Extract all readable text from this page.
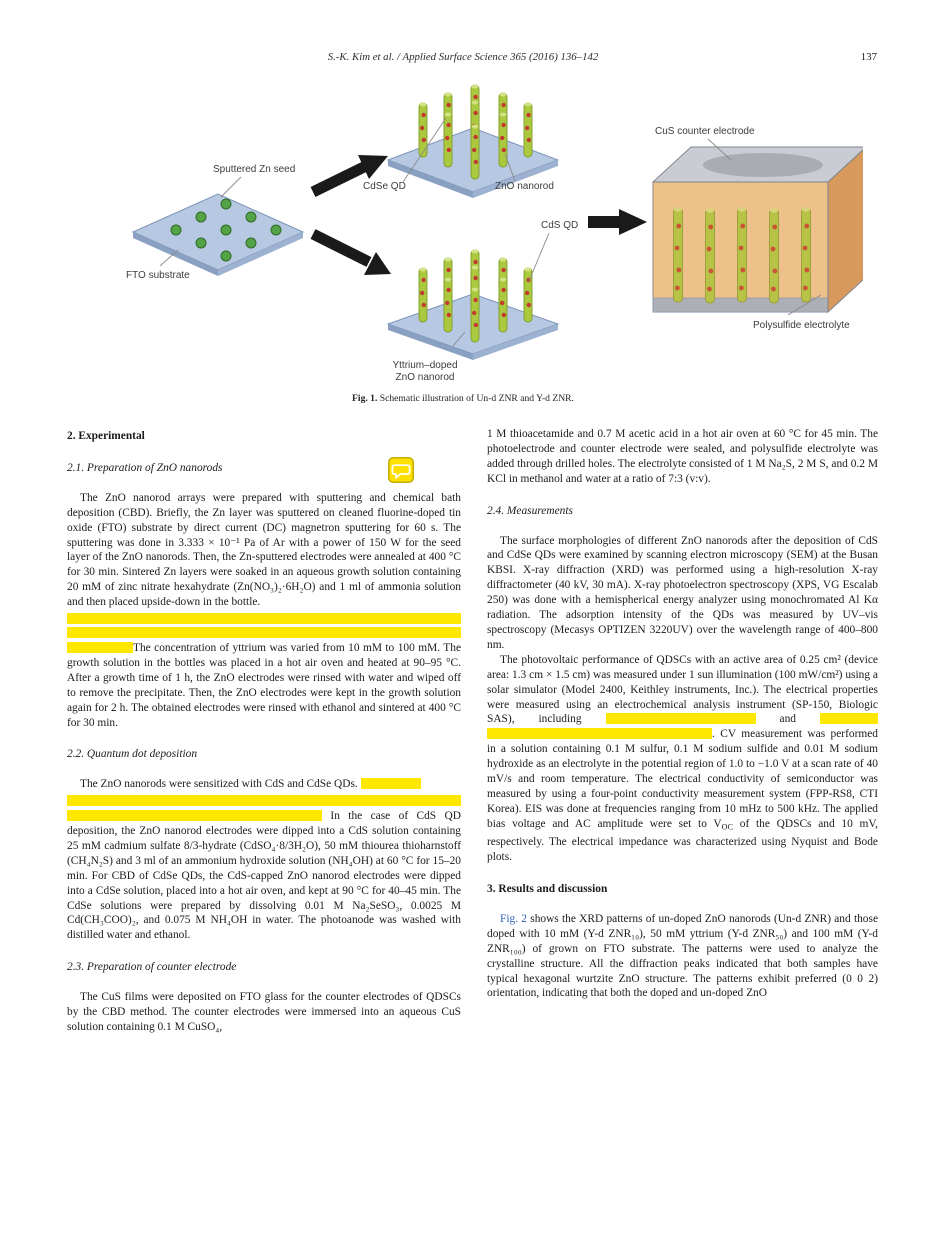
S.-K. Kim et al. / Applied Surface Science 365 (2016) 136–142	137
Sputtered Zn seed
FTO substrate
CdSe QD	ZnO nanorod
CdS QD
Yttrium–doped
ZnO nanorod
CuS counter electrode
Polysulfide electrolyte
Fig. 1. Schematic illustration of Un-d ZNR and Y-d ZNR.
2. Experimental
2.1. Preparation of ZnO nanorods

The ZnO nanorod arrays were prepared with sputtering and chemical bath deposition (CBD). Briefly, the Zn layer was sputtered on cleaned fluorine-doped tin oxide (FTO) substrate by direct current (DC) magnetron sputtering for 60 s. The sputtering was done in 3.333 × 10⁻¹ Pa of Ar with a power of 150 W for the seed layer of the ZnO nanorods. Then, the Zn-sputtered electrodes were annealed at 400 °C for 30 min. Sintered Zn layers were soaked in an aqueous growth solution containing 20 mM of zinc nitrate hexahydrate (Zn(NO₃)₂·6H₂O) and 1 ml of ammonia solution and then placed upside-down in the bottle.

The concentration of yttrium was varied from 10 mM to 100 mM. The growth solution in the bottles was placed in a hot air oven and heated at 90–95 °C. After a growth time of 1 h, the ZnO electrodes were rinsed with water and wiped off to remove the precipitate. Then, the ZnO electrodes were kept in the growth solution again for 2 h. The obtained electrodes were rinsed with ethanol and sintered at 400 °C for 30 min.

2.2. Quantum dot deposition

The ZnO nanorods were sensitized with CdS and CdSe QDs.
In the case of CdS QD deposition, the ZnO nanorod electrodes were dipped into a CdS solution containing 25 mM cadmium sulfate 8/3-hydrate (CdSO₄·8/3H₂O), 50 mM thiourea thioharnstoff (CH₄N₂S) and 3 ml of an ammonium hydroxide solution (NH₄OH) at 60 °C for 15–20 min. For CBD of CdSe QDs, the CdS-capped ZnO nanorod electrodes were dipped into a CdSe solution, placed into a hot air oven, and kept at 90 °C for 40–45 min. The CdSe solutions were prepared by dissolving 0.01 M Na₂SeSO₃, 0.0025 M Cd(CH₃COO)₂, and 0.075 M NH₄OH in water. The photoanode was washed with distilled water and ethanol.

2.3. Preparation of counter electrode

The CuS films were deposited on FTO glass for the counter electrodes of QDSCs by the CBD method. The counter electrodes were immersed into an aqueous CuS solution containing 0.1 M CuSO₄,

1 M thioacetamide and 0.7 M acetic acid in a hot air oven at 60 °C for 45 min. The photoelectrode and counter electrode were sealed, and polysulfide electrolyte was added through drilled holes. The electrolyte consisted of 1 M Na₂S, 2 M S, and 0.2 M KCl in methanol and water at a ratio of 7:3 (v:v).

2.4. Measurements

The surface morphologies of different ZnO nanorods after the deposition of CdS and CdSe QDs were examined by scanning electron microscopy (SEM) at the Busan KBSI. X-ray diffraction (XRD) was performed using a high-resolution X-ray diffractometer (40 kV, 30 mA). X-ray photoelectron spectroscopy (XPS, VG Escalab 250) was done with a hemispherical energy analyzer using monochromated Al Kα radiation. The adsorption intensity of the QDs was measured by UV–vis spectroscopy (Mecasys OPTIZEN 3220UV) over the wavelength range of 400–800 nm.

The photovoltaic performance of QDSCs with an active area of 0.25 cm² (device area: 1.3 cm × 1.5 cm) was measured under 1 sun illumination (100 mW/cm²) using a solar simulator (Model 2400, Keithley instruments, Inc.). The electrical properties were measured using an electrochemical analysis instrument (SP-150, Biologic SAS), including	and  . CV measurement was performed in a solution containing 0.1 M sulfur, 0.1 M sodium sulfide and 0.01 M sodium hydroxide as an electrolyte in the potential region of 1.0 to −1.0 V at a scan rate of 40 mV/s and room temperature. The electrical conductivity of semiconductor was measured by using a four-point conductivity measurement system (FPP-RS8, CTI Korea). EIS was done at frequencies ranging from 10 mHz to 500 kHz. The applied bias voltage and AC amplitude were set to $V_{OC}$ of the QDSCs and 10 mV, respectively. The electrical impedance was characterized using Nyquist and Bode plots.

3. Results and discussion

Fig. 2 shows the XRD patterns of un-doped ZnO nanorods (Un-d ZNR) and those doped with 10 mM (Y-d ZNR₁₀), 50 mM yttrium (Y-d ZNR₅₀) and 100 mM (Y-d ZNR₁₀₀) of grown on FTO substrate. The patterns were used to analyze the crystalline structure. All the diffraction peaks indicated that both samples have typical hexagonal wurtzite ZnO structure. The patterns exhibit preferred (0 0 2) orientation, indicating that both the doped and un-doped ZnO
